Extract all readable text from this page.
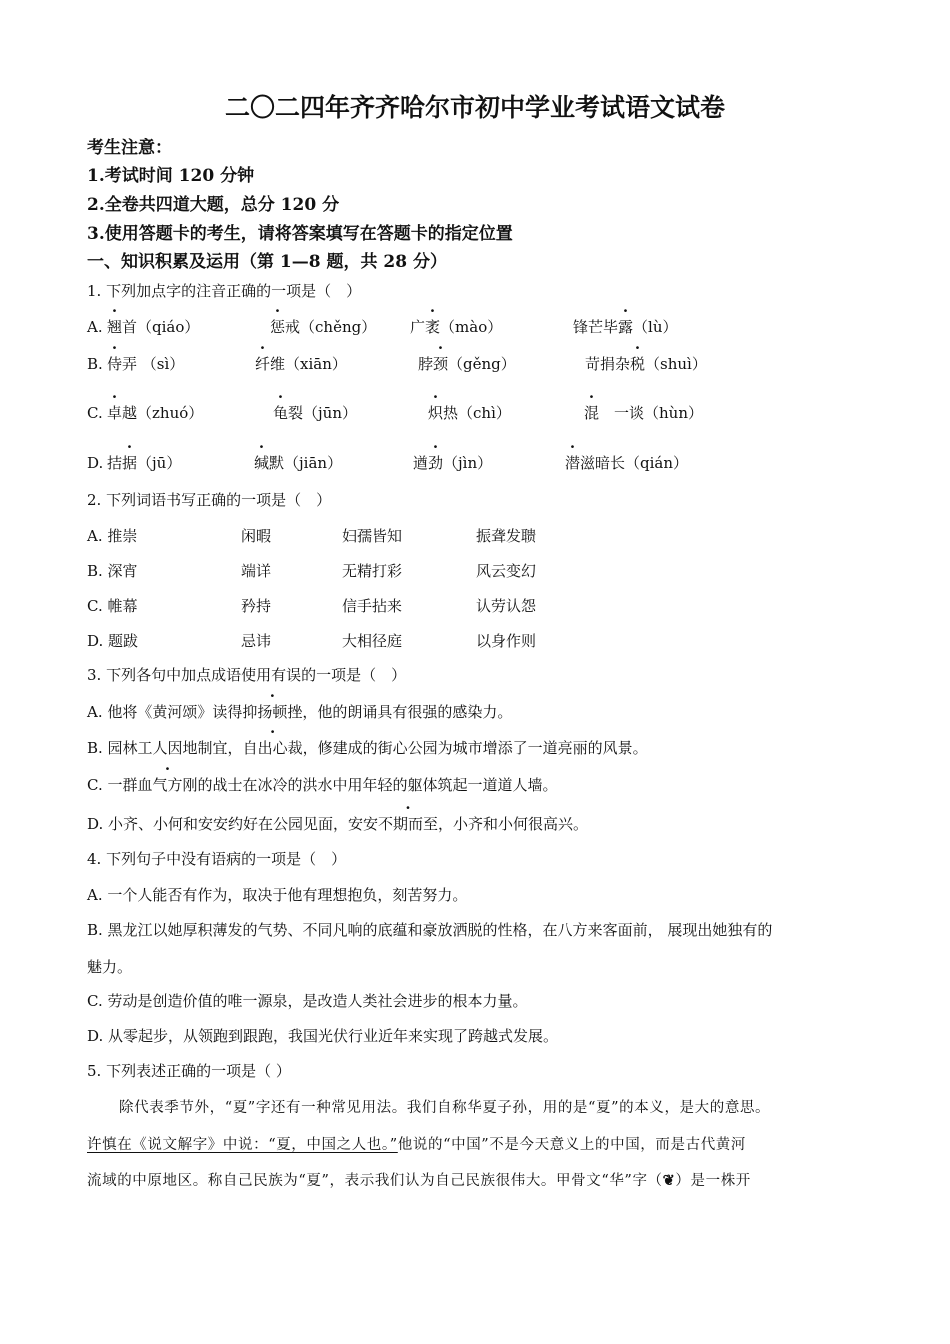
二〇二四年齐齐哈尔市初中学业考试语文试卷
考生注意：
1.考试时间 120 分钟
2.全卷共四道大题，总分 120 分
3.使用答题卡的考生，请将答案填写在答题卡的指定位置
一、知识积累及运用（第 1—8 题，共 28 分）
1. 下列加点字的注音正确的一项是（　）
A. 翘首（qiáo）	惩戒（chěng） 广袤（mào）	锋芒毕露（lù）
B. 侍弄 （sì）	纤维（xiān）	脖颈（gěng）	苛捐杂税（shuì）
C. 卓越（zhuó）	龟裂（jūn）	炽热（chì）	混　一谈（hùn）
D. 拮据（jū）	缄默（jiān）	遒劲（jìn）	潜滋暗长（qián）
2. 下列词语书写正确的一项是（　）
A. 推崇	闲暇	妇孺皆知	振聋发聩
B. 深宵	端详	无精打彩	风云变幻
C. 帷幕	矜持	信手拈来	认劳认怨
D. 题跋	忌讳	大相径庭	以身作则
3. 下列各句中加点成语使用有误的一项是（　）
A. 他将《黄河颂》读得抑扬顿挫，他的朗诵具有很强的感染力。
B. 园林工人因地制宜，自出心裁，修建成的街心公园为城市增添了一道亮丽的风景。
C. 一群血气方刚的战士在冰冷的洪水中用年轻的躯体筑起一道道人墙。
D. 小齐、小何和安安约好在公园见面，安安不期而至，小齐和小何很高兴。
4. 下列句子中没有语病的一项是（　）
A. 一个人能否有作为，取决于他有理想抱负，刻苦努力。
B. 黑龙江以她厚积薄发的气势、不同凡响的底蕴和豪放洒脱的性格，在八方来客面前， 展现出她独有的
魅力。
C. 劳动是创造价值的唯一源泉，是改造人类社会进步的根本力量。
D. 从零起步，从领跑到跟跑，我国光伏行业近年来实现了跨越式发展。
5. 下列表述正确的一项是（ ）
除代表季节外，“夏”字还有一种常见用法。我们自称华夏子孙，用的是“夏”的本义，是大的意思。
许慎在《说文解字》中说：“夏，中国之人也。”他说的“中国”不是今天意义上的中国，而是古代黄河
流域的中原地区。称自己民族为“夏”，表示我们认为自己民族很伟大。甲骨文“华”字（❦）是一株开
